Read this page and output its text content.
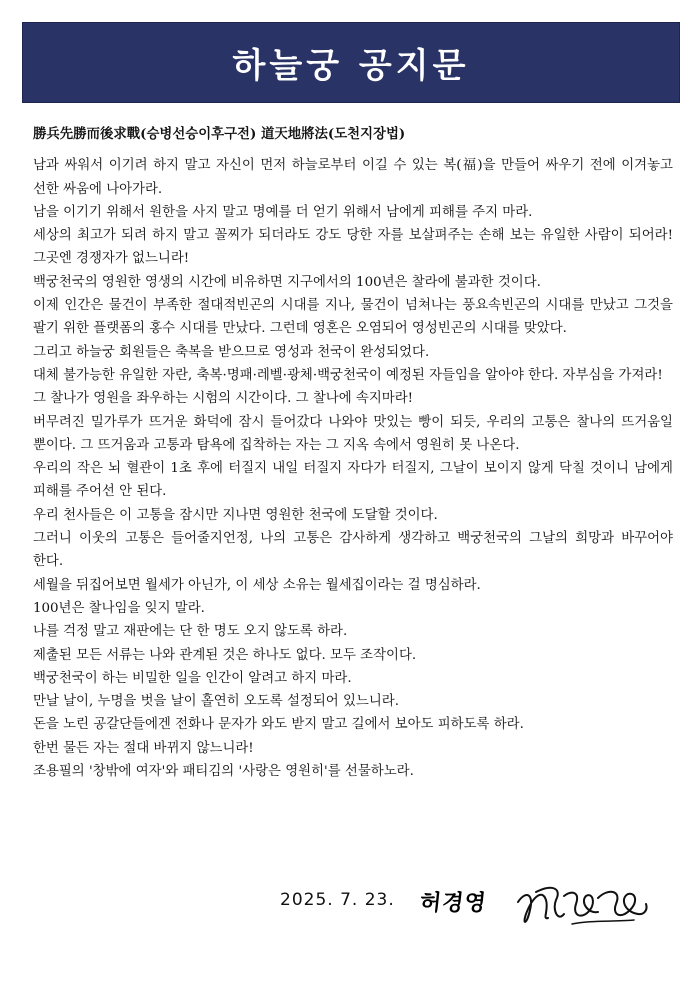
하늘궁 공지문
勝兵先勝而後求戰(승병선승이후구전) 道天地將法(도천지장법)

남과 싸워서 이기려 하지 말고 자신이 먼저 하늘로부터 이길 수 있는 복(福)을 만들어 싸우기 전에 이겨놓고 선한 싸움에 나아가라.

남을 이기기 위해서 원한을 사지 말고 명예를 더 얻기 위해서 남에게 피해를 주지 마라.

세상의 최고가 되려 하지 말고 꼴찌가 되더라도 강도 당한 자를 보살펴주는 손해 보는 유일한 사람이 되어라! 그곳엔 경쟁자가 없느니라!

백궁천국의 영원한 영생의 시간에 비유하면 지구에서의 100년은 찰라에 불과한 것이다.

이제 인간은 물건이 부족한 절대적빈곤의 시대를 지나, 물건이 넘쳐나는 풍요속빈곤의 시대를 만났고 그것을 팔기 위한 플랫폼의 홍수 시대를 만났다. 그런데 영혼은 오염되어 영성빈곤의 시대를 맞았다.

그리고 하늘궁 회원들은 축복을 받으므로 영성과 천국이 완성되었다.

대체 불가능한 유일한 자란, 축복·명패·레벨·광체·백궁천국이 예정된 자들임을 알아야 한다. 자부심을 가져라!

그 찰나가 영원을 좌우하는 시험의 시간이다. 그 찰나에 속지마라!

버무려진 밀가루가 뜨거운 화덕에 잠시 들어갔다 나와야 맛있는 빵이 되듯, 우리의 고통은 찰나의 뜨거움일 뿐이다. 그 뜨거움과 고통과 탐욕에 집착하는 자는 그 지옥 속에서 영원히 못 나온다.

우리의 작은 뇌 혈관이 1초 후에 터질지 내일 터질지 자다가 터질지, 그날이 보이지 않게 닥칠 것이니 남에게 피해를 주어선 안 된다.

우리 천사들은 이 고통을 잠시만 지나면 영원한 천국에 도달할 것이다.

그러니 이웃의 고통은 들어줄지언정, 나의 고통은 감사하게 생각하고 백궁천국의 그날의 희망과 바꾸어야 한다.

세월을 뒤집어보면 월세가 아닌가, 이 세상 소유는 월세집이라는 걸 명심하라.

100년은 찰나임을 잊지 말라.

나를 걱정 말고 재판에는 단 한 명도 오지 않도록 하라.

제출된 모든 서류는 나와 관계된 것은 하나도 없다. 모두 조작이다.

백궁천국이 하는 비밀한 일을 인간이 알려고 하지 마라.

만날 날이, 누명을 벗을 날이 홀연히 오도록 설정되어 있느니라.

돈을 노린 공갈단들에겐 전화나 문자가 와도 받지 말고 길에서 보아도 피하도록 하라.

한번 물든 자는 절대 바뀌지 않느니라!

조용필의 '창밖에 여자'와 패티김의 '사랑은 영원히'를 선물하노라.

2025. 7. 23. 허경영
